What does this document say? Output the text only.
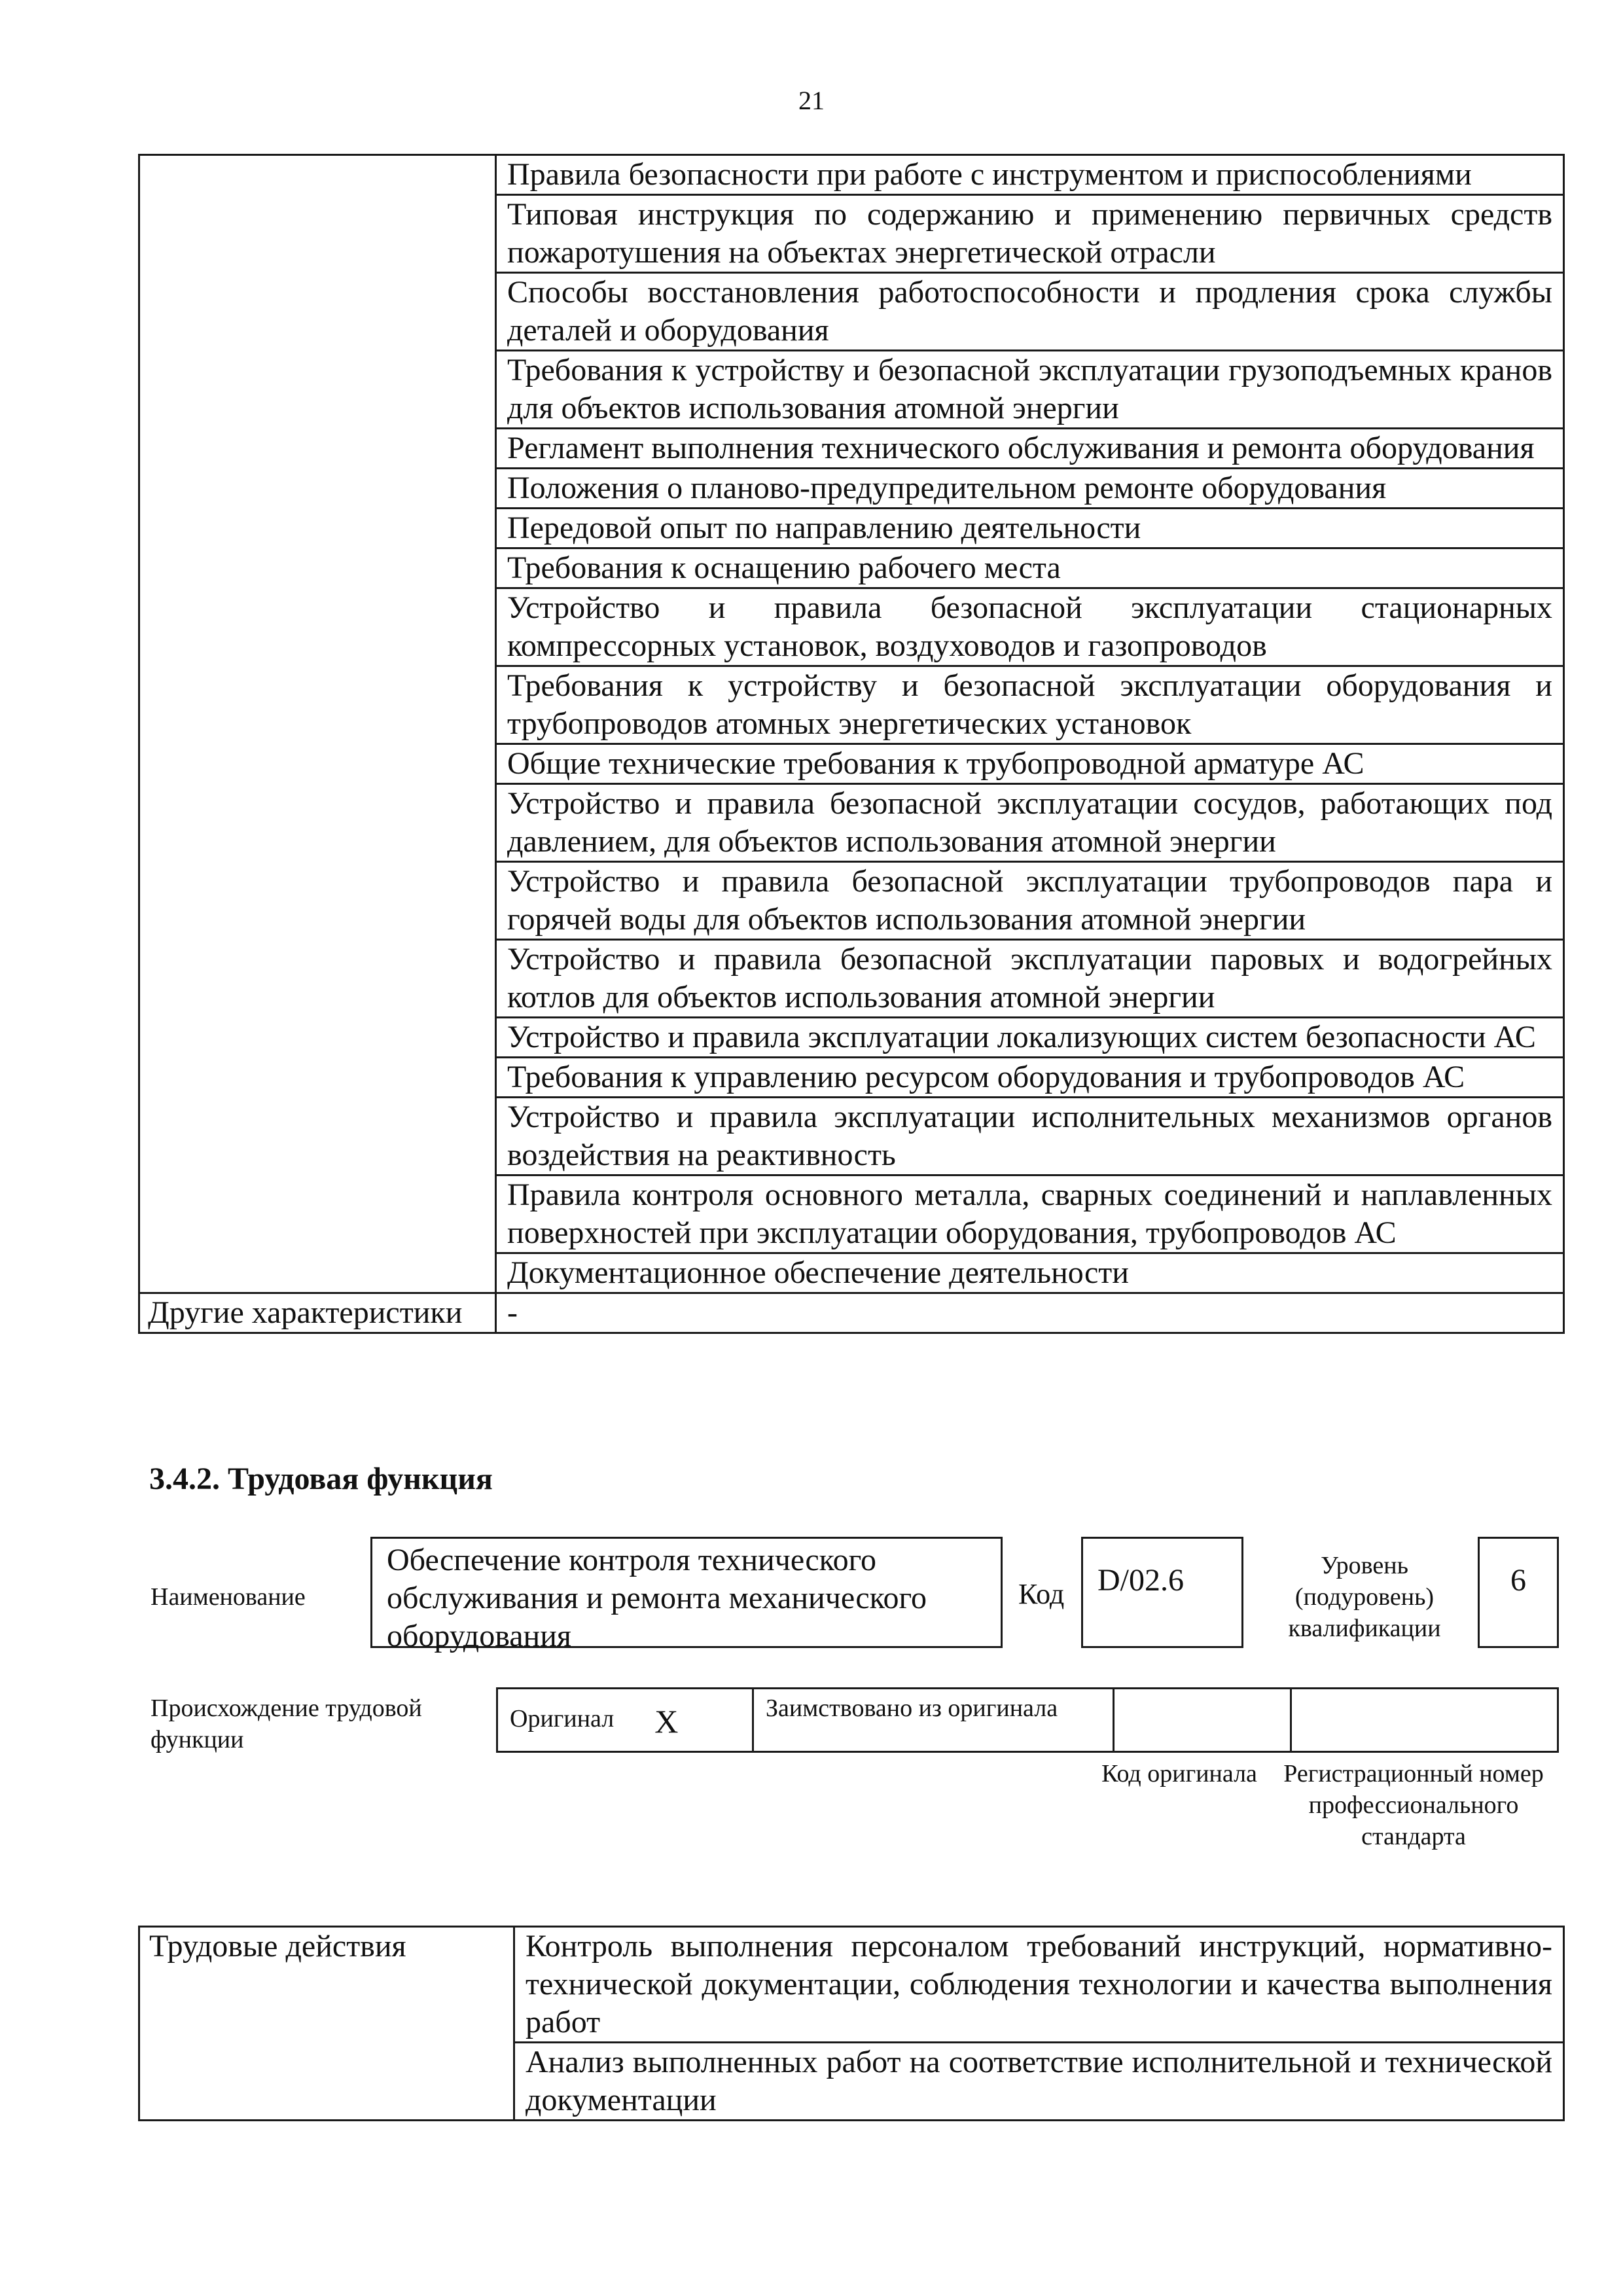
21
	Правила безопасности при работе с инструментом и приспособлениями
	Типовая инструкция по содержанию и применению первичных средств пожаротушения на объектах энергетической отрасли
	Способы восстановления работоспособности и продления срока службы деталей и оборудования
	Требования к устройству и безопасной эксплуатации грузоподъемных кранов для объектов использования атомной энергии
	Регламент выполнения технического обслуживания и ремонта оборудования
	Положения о планово-предупредительном ремонте оборудования
	Передовой опыт по направлению деятельности
	Требования к оснащению рабочего места
	Устройство и правила безопасной эксплуатации стационарных компрессорных установок, воздуховодов и газопроводов
	Требования к устройству и безопасной эксплуатации оборудования и трубопроводов атомных энергетических установок
	Общие технические требования к трубопроводной арматуре АС
	Устройство и правила безопасной эксплуатации сосудов, работающих под давлением, для объектов использования атомной энергии
	Устройство и правила безопасной эксплуатации трубопроводов пара и горячей воды для объектов использования атомной энергии
	Устройство и правила безопасной эксплуатации паровых и водогрейных котлов для объектов использования атомной энергии
	Устройство и правила эксплуатации локализующих систем безопасности АС
	Требования к управлению ресурсом оборудования и трубопроводов АС
	Устройство и правила эксплуатации исполнительных механизмов органов воздействия на реактивность
	Правила контроля основного металла, сварных соединений и наплавленных поверхностей при эксплуатации оборудования, трубопроводов АС
	Документационное обеспечение деятельности
Другие характеристики	-
3.4.2. Трудовая функция
Наименование
Обеспечение контроля технического обслуживания и ремонта механического оборудования
Код	D/02.6	Уровень (подуровень) квалификации
6
Происхождение трудовой функции
Оригинал X	Заимствовано из оригинала		
Код оригинала Регистрационный номер профессионального стандарта
Трудовые действия	Контроль выполнения персоналом требований инструкций, нормативно-технической документации, соблюдения технологии и качества выполнения работ
Анализ выполненных работ на соответствие исполнительной и технической документации
